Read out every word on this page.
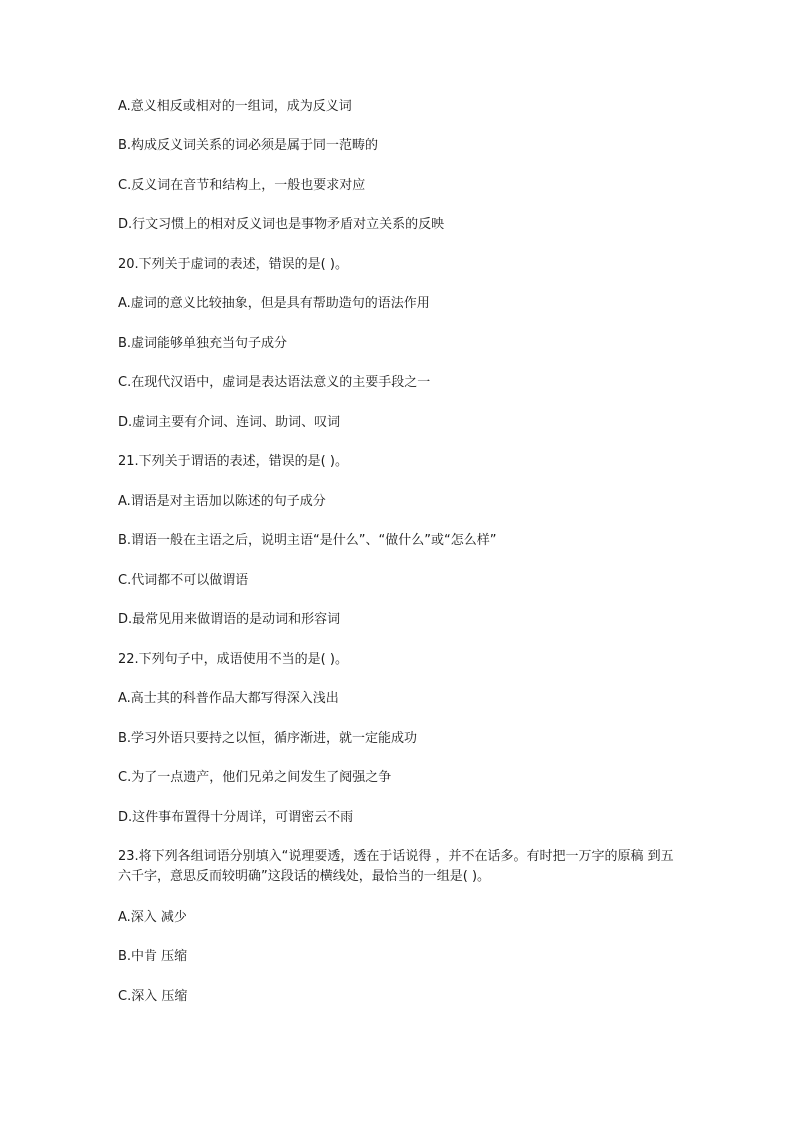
A.意义相反或相对的一组词，成为反义词
B.构成反义词关系的词必须是属于同一范畴的
C.反义词在音节和结构上，一般也要求对应
D.行文习惯上的相对反义词也是事物矛盾对立关系的反映
20.下列关于虚词的表述，错误的是( )。
A.虚词的意义比较抽象，但是具有帮助造句的语法作用
B.虚词能够单独充当句子成分
C.在现代汉语中，虚词是表达语法意义的主要手段之一
D.虚词主要有介词、连词、助词、叹词
21.下列关于谓语的表述，错误的是( )。
A.谓语是对主语加以陈述的句子成分
B.谓语一般在主语之后，说明主语“是什么”、“做什么”或“怎么样”
C.代词都不可以做谓语
D.最常见用来做谓语的是动词和形容词
22.下列句子中，成语使用不当的是( )。
A.高士其的科普作品大都写得深入浅出
B.学习外语只要持之以恒，循序渐进，就一定能成功
C.为了一点遗产，他们兄弟之间发生了阋强之争
D.这件事布置得十分周详，可谓密云不雨
23.将下列各组词语分别填入“说理要透，透在于话说得 ，并不在话多。有时把一万字的原稿 到五六千字，意思反而较明确”这段话的横线处，最恰当的一组是( )。
A.深入 减少
B.中肯 压缩
C.深入 压缩
